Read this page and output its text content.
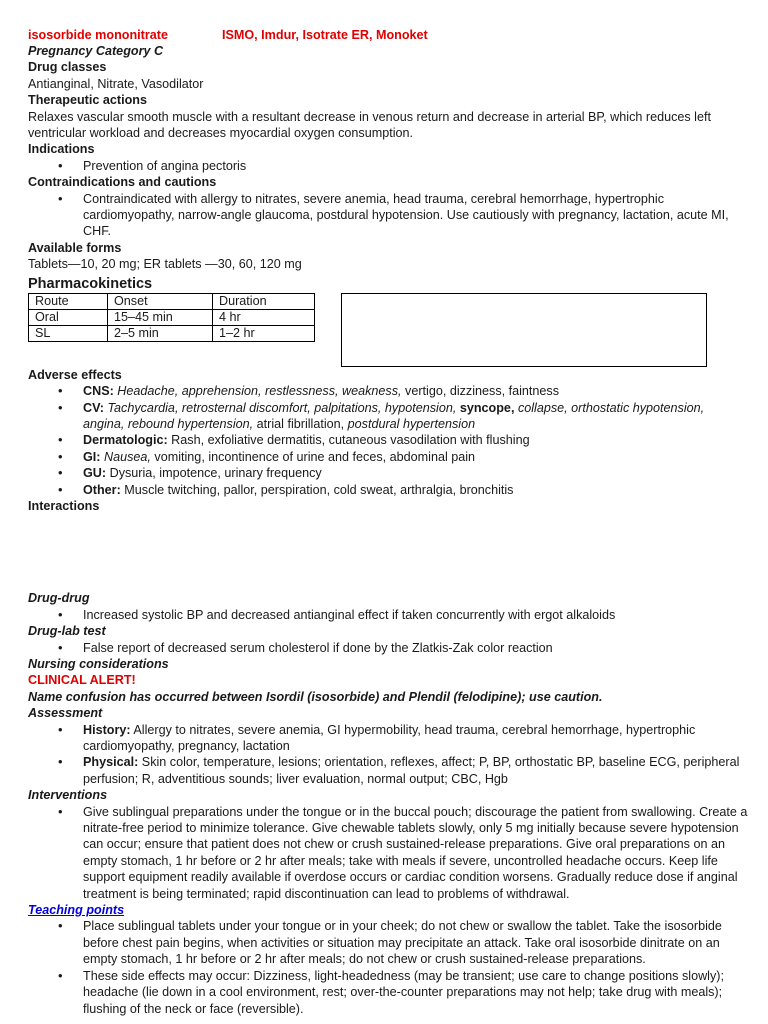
isosorbide mononitrate	ISMO, Imdur, Isotrate ER, Monoket
Pregnancy Category C
Drug classes
Antianginal, Nitrate, Vasodilator
Therapeutic actions
Relaxes vascular smooth muscle with a resultant decrease in venous return and decrease in arterial BP, which reduces left ventricular workload and decreases myocardial oxygen consumption.
Indications
• Prevention of angina pectoris
Contraindications and cautions
• Contraindicated with allergy to nitrates, severe anemia, head trauma, cerebral hemorrhage, hypertrophic cardiomyopathy, narrow-angle glaucoma, postdural hypotension. Use cautiously with pregnancy, lactation, acute MI, CHF.
Available forms
Tablets—10, 20 mg; ER tablets —30, 60, 120 mg
Pharmacokinetics
Route	Onset	Duration
Oral	15–45 min	4 hr
SL	2–5 min	1–2 hr
Adverse effects
• CNS: Headache, apprehension, restlessness, weakness, vertigo, dizziness, faintness
• CV: Tachycardia, retrosternal discomfort, palpitations, hypotension, syncope, collapse, orthostatic hypotension, angina, rebound hypertension, atrial fibrillation, postdural hypertension
• Dermatologic: Rash, exfoliative dermatitis, cutaneous vasodilation with flushing
• GI: Nausea, vomiting, incontinence of urine and feces, abdominal pain
• GU: Dysuria, impotence, urinary frequency
• Other: Muscle twitching, pallor, perspiration, cold sweat, arthralgia, bronchitis
Interactions
Drug-drug
• Increased systolic BP and decreased antianginal effect if taken concurrently with ergot alkaloids
Drug-lab test
• False report of decreased serum cholesterol if done by the Zlatkis-Zak color reaction
Nursing considerations
CLINICAL ALERT!
Name confusion has occurred between Isordil (isosorbide) and Plendil (felodipine); use caution.
Assessment
• History: Allergy to nitrates, severe anemia, GI hypermobility, head trauma, cerebral hemorrhage, hypertrophic cardiomyopathy, pregnancy, lactation
• Physical: Skin color, temperature, lesions; orientation, reflexes, affect; P, BP, orthostatic BP, baseline ECG, peripheral perfusion; R, adventitious sounds; liver evaluation, normal output; CBC, Hgb
Interventions
• Give sublingual preparations under the tongue or in the buccal pouch; discourage the patient from swallowing. Create a nitrate-free period to minimize tolerance. Give chewable tablets slowly, only 5 mg initially because severe hypotension can occur; ensure that patient does not chew or crush sustained-release preparations. Give oral preparations on an empty stomach, 1 hr before or 2 hr after meals; take with meals if severe, uncontrolled headache occurs. Keep life support equipment readily available if overdose occurs or cardiac condition worsens. Gradually reduce dose if anginal treatment is being terminated; rapid discontinuation can lead to problems of withdrawal.
Teaching points
• Place sublingual tablets under your tongue or in your cheek; do not chew or swallow the tablet. Take the isosorbide before chest pain begins, when activities or situation may precipitate an attack. Take oral isosorbide dinitrate on an empty stomach, 1 hr before or 2 hr after meals; do not chew or crush sustained-release preparations.
• These side effects may occur: Dizziness, light-headedness (may be transient; use care to change positions slowly); headache (lie down in a cool environment, rest; over-the-counter preparations may not help; take drug with meals); flushing of the neck or face (reversible).
